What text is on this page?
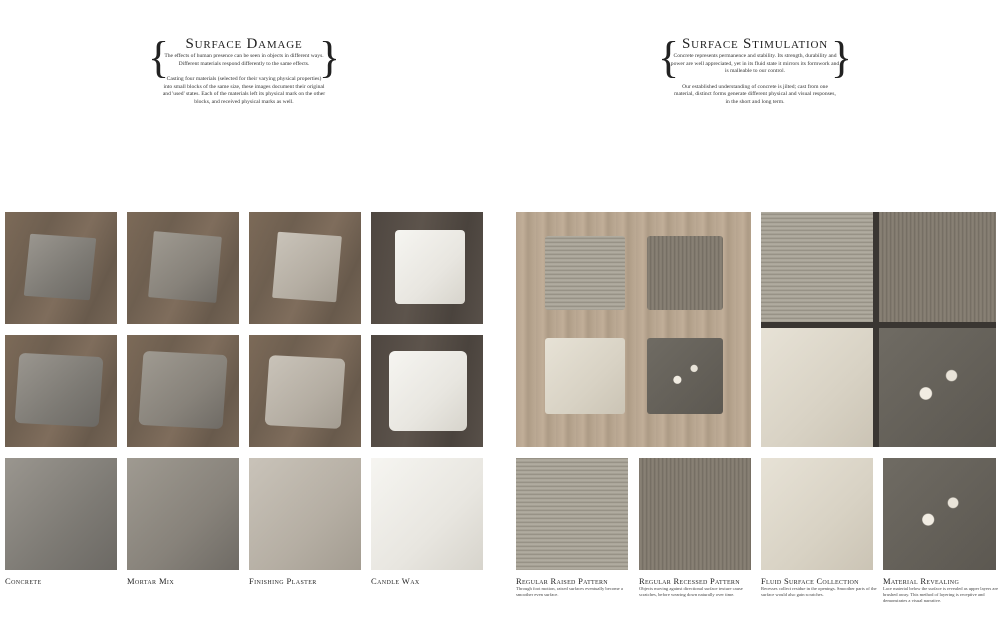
{	}
Surface Damage

The effects of human presence can be seen in objects in different ways. Different materials respond differently to the same effects.

Casting four materials (selected for their varying physical properties) into small blocks of the same size, these images document their original and 'used' states. Each of the materials left its physical mark on the other blocks, and received physical marks as well.

{	}
Surface Stimulation

Concrete represents permanence and stability. Its strength, durability and power are well appreciated, yet in its fluid state it mirrors its formwork and is malleable to our control.

Our established understanding of concrete is jilted; cast from one material, distinct forms generate different physical and visual responses, in the short and long term.

Concrete	Mortar Mix	Finishing Plaster	Candle Wax	Regular Raised Pattern
Through foot motion, raised surfaces eventually become a smoother even surface.
Regular Recessed Pattern
Objects moving against directional surface texture cause scratches, before wearing down naturally over time.
Fluid Surface Collection
Recesses collect residue in the openings. Smoother parts of the surface would also gain scratches.
Material Revealing
Lace material below the surface is revealed as upper layers are brushed away. This method of layering is receptive and demonstrates a visual narrative.
